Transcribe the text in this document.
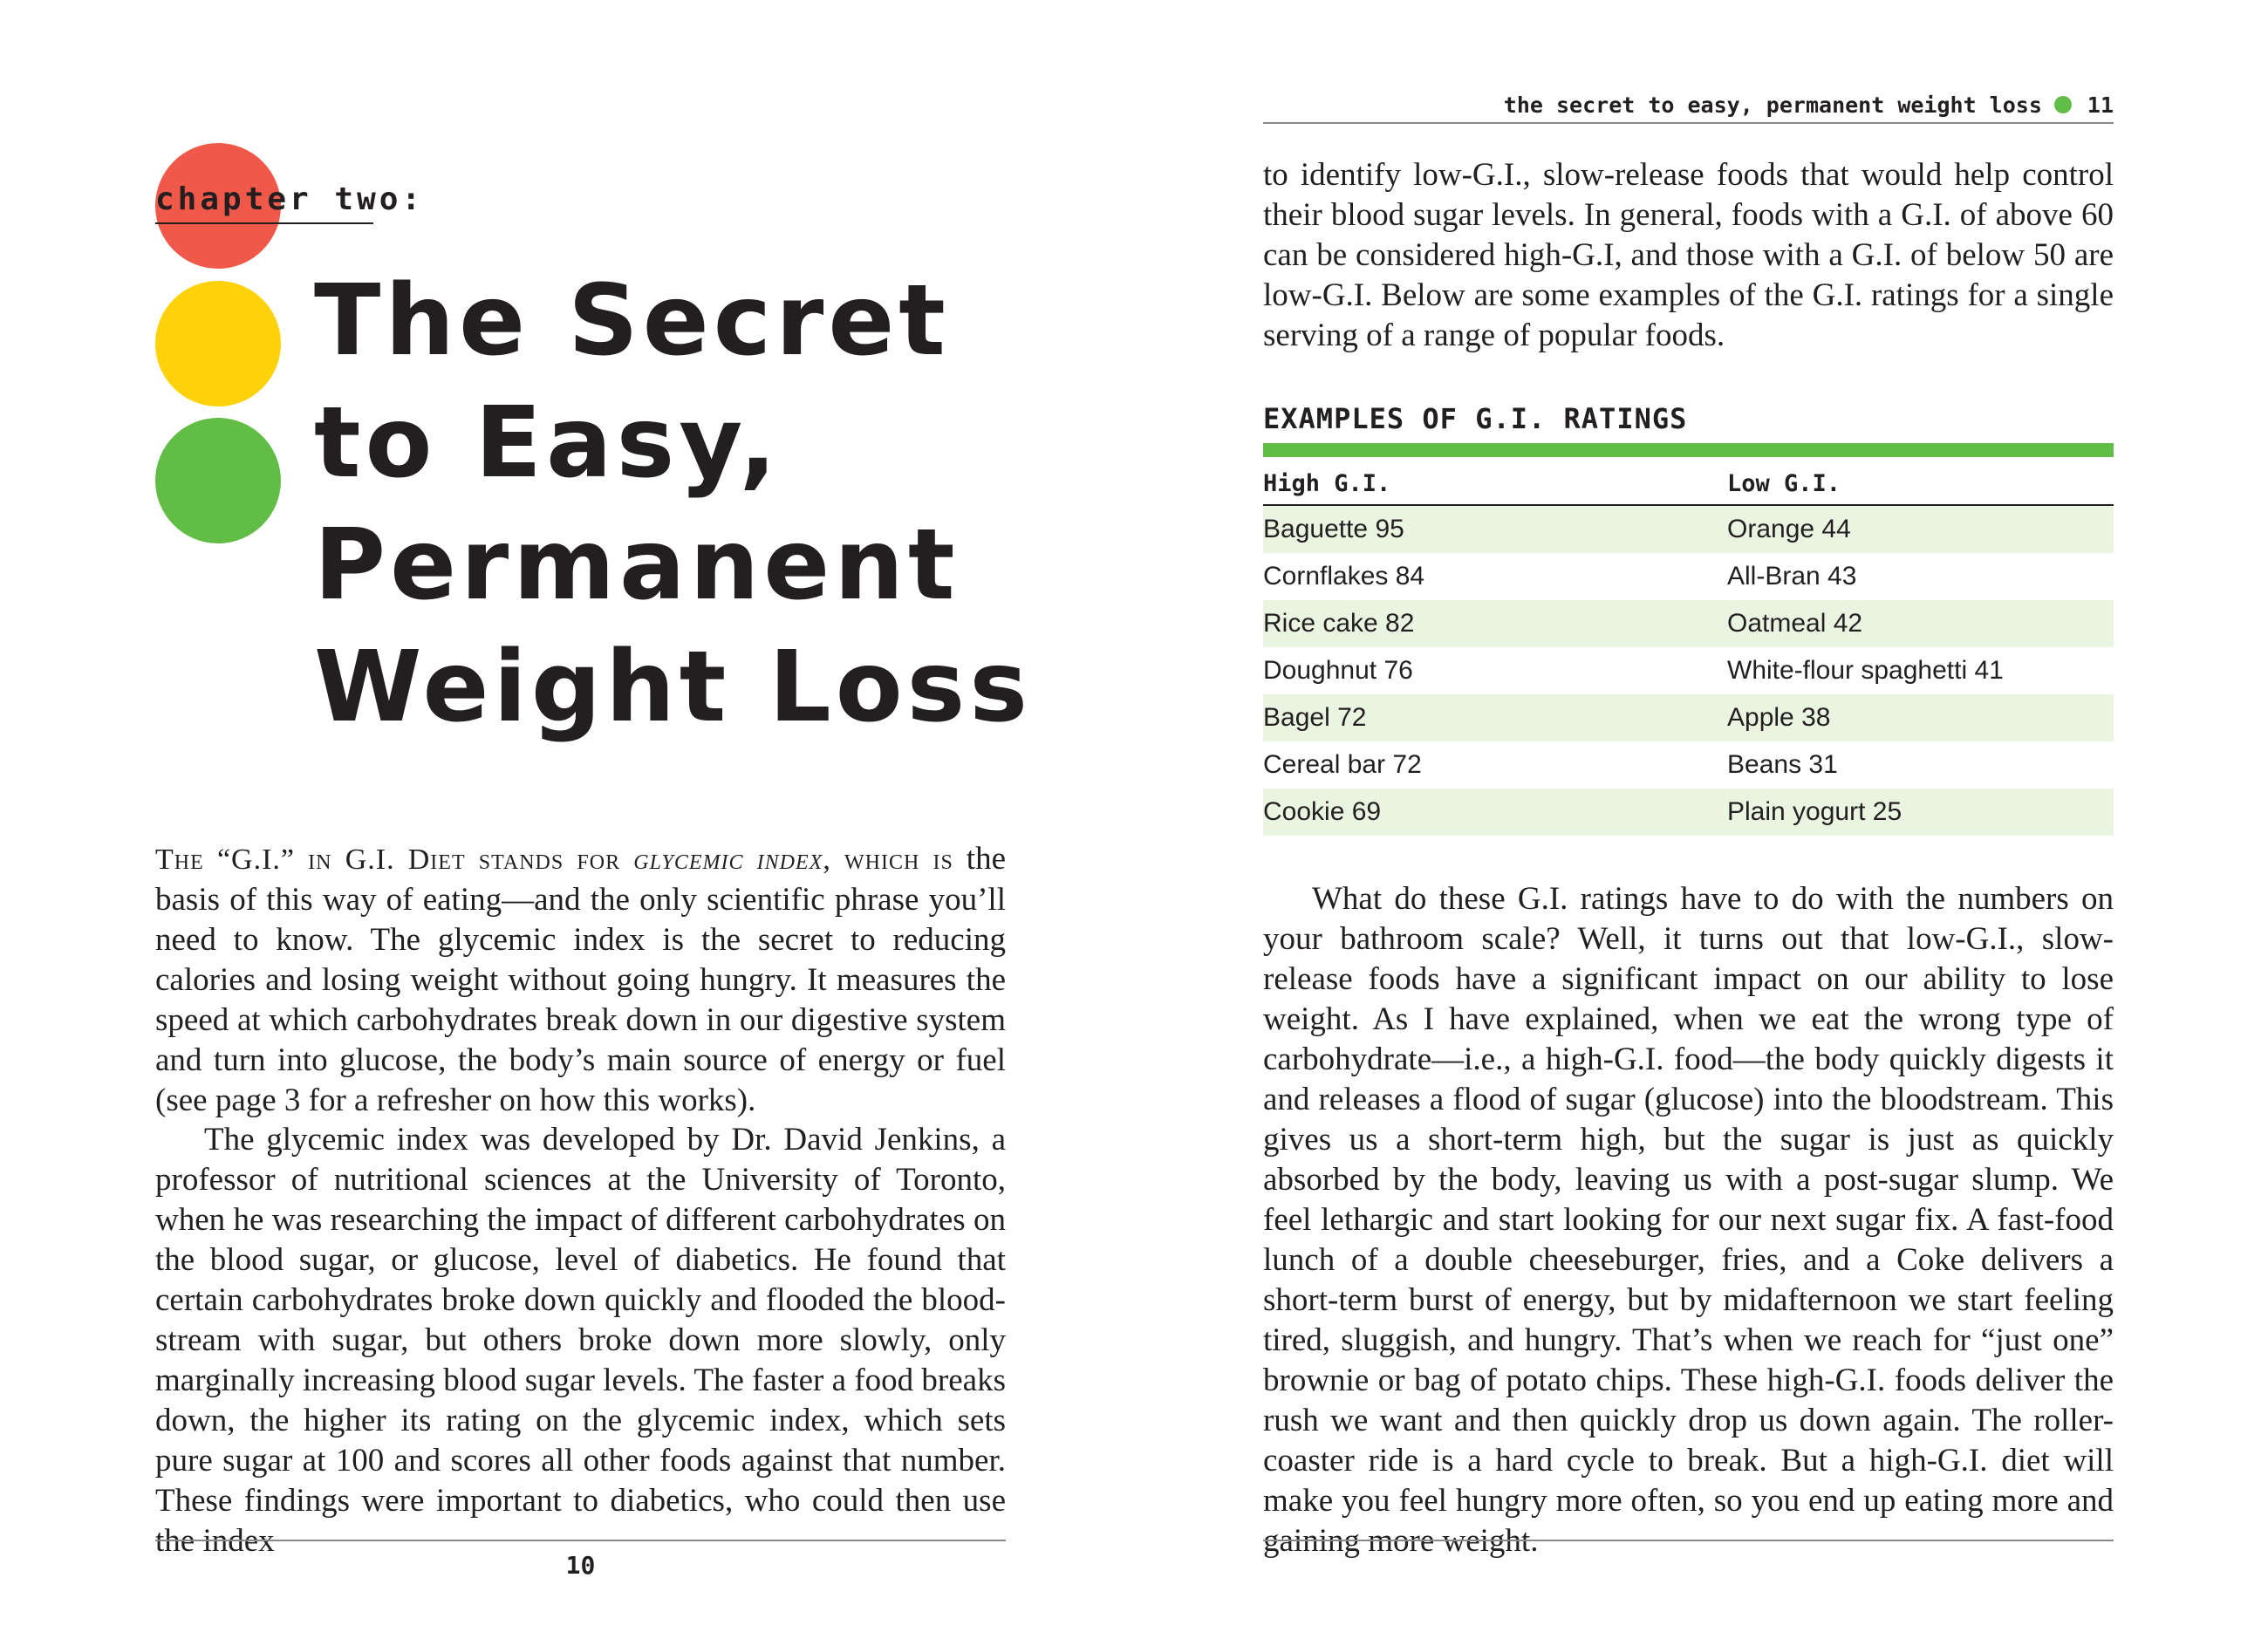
chapter two:
The Secret
to Easy,
Permanent
Weight Loss

The “G.I.” in G.I. Diet stands for glycemic index, which is the basis of this way of eating—and the only scientific phrase you’ll need to know. The glycemic index is the secret to reducing calories and losing weight without going hungry. It measures the speed at which carbohydrates break down in our digestive system and turn into glucose, the body’s main source of energy or fuel (see page 3 for a refresher on how this works).

The glycemic index was developed by Dr. David Jenkins, a professor of nutritional sciences at the University of Toronto, when he was researching the impact of different carbohydrates on the blood sugar, or glucose, level of diabetics. He found that certain carbohydrates broke down quickly and flooded the bloodstream with sugar, but others broke down more slowly, only marginally increasing blood sugar levels. The faster a food breaks down, the higher its rating on the glycemic index, which sets pure sugar at 100 and scores all other foods against that number. These findings were important to diabetics, who could then use the index

10
the secret to easy, permanent weight loss 11

to identify low-G.I., slow-release foods that would help control their blood sugar levels. In general, foods with a G.I. of above 60 can be considered high-G.I, and those with a G.I. of below 50 are low-G.I. Below are some examples of the G.I. ratings for a single serving of a range of popular foods.

EXAMPLES OF G.I. RATINGS
High G.I.	Low G.I.
Baguette 95	Orange 44
Cornflakes 84	All-Bran 43
Rice cake 82	Oatmeal 42
Doughnut 76	White-flour spaghetti 41
Bagel 72	Apple 38
Cereal bar 72	Beans 31
Cookie 69	Plain yogurt 25

What do these G.I. ratings have to do with the numbers on your bathroom scale? Well, it turns out that low-G.I., slow-release foods have a significant impact on our ability to lose weight. As I have explained, when we eat the wrong type of carbohydrate—i.e., a high-G.I. food—the body quickly digests it and releases a flood of sugar (glucose) into the bloodstream. This gives us a short-term high, but the sugar is just as quickly absorbed by the body, leaving us with a post-sugar slump. We feel lethargic and start looking for our next sugar fix. A fast-food lunch of a double cheeseburger, fries, and a Coke delivers a short-term burst of energy, but by midafternoon we start feeling tired, sluggish, and hungry. That’s when we reach for “just one” brownie or bag of potato chips. These high-G.I. foods deliver the rush we want and then quickly drop us down again. The roller-coaster ride is a hard cycle to break. But a high-G.I. diet will make you feel hungry more often, so you end up eating more and gaining more weight.
